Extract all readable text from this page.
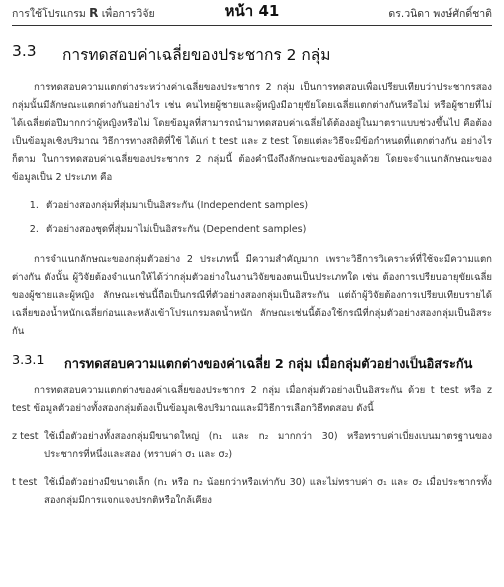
การใช้โปรแกรม R เพื่อการวิจัย	หน้า 41	ดร.วนิดา พงษ์ศักดิ์ชาติ
3.3	การทดสอบค่าเฉลี่ยของประชากร 2 กลุ่ม

การทดสอบความแตกต่างระหว่างค่าเฉลี่ยของประชากร 2 กลุ่ม เป็นการทดสอบเพื่อเปรียบเทียบว่าประชากรสองกลุ่มนั้นมีลักษณะแตกต่างกันอย่างไร เช่น คนไทยผู้ชายและผู้หญิงมีอายุขัยโดยเฉลี่ยแตกต่างกันหรือไม่ หรือผู้ชายที่ไม่ได้เฉลี่ยต่อปีมากกว่าผู้หญิงหรือไม่ โดยข้อมูลที่สามารถนำมาทดสอบค่าเฉลี่ยได้ต้องอยู่ในมาตราแบบช่วงขึ้นไป คือต้องเป็นข้อมูลเชิงปริมาณ วิธีการทางสถิติที่ใช้ ได้แก่ t test และ z test โดยแต่ละวิธีจะมีข้อกำหนดที่แตกต่างกัน อย่างไรก็ตาม ในการทดสอบค่าเฉลี่ยของประชากร 2 กลุ่มนี้ ต้องคำนึงถึงลักษณะของข้อมูลด้วย โดยจะจำแนกลักษณะของข้อมูลเป็น 2 ประเภท คือ

1. ตัวอย่างสองกลุ่มที่สุ่มมาเป็นอิสระกัน (Independent samples)
2. ตัวอย่างสองชุดที่สุ่มมาไม่เป็นอิสระกัน (Dependent samples)

การจำแนกลักษณะของกลุ่มตัวอย่าง 2 ประเภทนี้ มีความสำคัญมาก เพราะวิธีการวิเคราะห์ที่ใช้จะมีความแตกต่างกัน ดังนั้น ผู้วิจัยต้องจำแนกให้ได้ว่ากลุ่มตัวอย่างในงานวิจัยของตนเป็นประเภทใด เช่น ต้องการเปรียบอายุขัยเฉลี่ยของผู้ชายและผู้หญิง ลักษณะเช่นนี้ถือเป็นกรณีที่ตัวอย่างสองกลุ่มเป็นอิสระกัน แต่ถ้าผู้วิจัยต้องการเปรียบเทียบรายได้เฉลี่ยของน้ำหนักเฉลี่ยก่อนและหลังเข้าโปรแกรมลดน้ำหนัก ลักษณะเช่นนี้ต้องใช้กรณีที่กลุ่มตัวอย่างสองกลุ่มเป็นอิสระกัน

3.3.1 การทดสอบความแตกต่างของค่าเฉลี่ย 2 กลุ่ม เมื่อกลุ่มตัวอย่างเป็นอิสระกัน

การทดสอบความแตกต่างของค่าเฉลี่ยของประชากร 2 กลุ่ม เมื่อกลุ่มตัวอย่างเป็นอิสระกัน ด้วย t test หรือ z test ข้อมูลตัวอย่างทั้งสองกลุ่มต้องเป็นข้อมูลเชิงปริมาณและมีวิธีการเลือกวิธีทดสอบ ดังนี้

z test ใช้เมื่อตัวอย่างทั้งสองกลุ่มมีขนาดใหญ่ (n₁ และ n₂ มากกว่า 30) หรือทราบค่าเบี่ยงเบนมาตรฐานของประชากรที่หนึ่งและสอง (ทราบค่า σ₁ และ σ₂)
t test ใช้เมื่อตัวอย่างมีขนาดเล็ก (n₁ หรือ n₂ น้อยกว่าหรือเท่ากับ 30) และไม่ทราบค่า σ₁ และ σ₂ เมื่อประชากรทั้งสองกลุ่มมีการแจกแจงปรกติหรือใกล้เคียง
